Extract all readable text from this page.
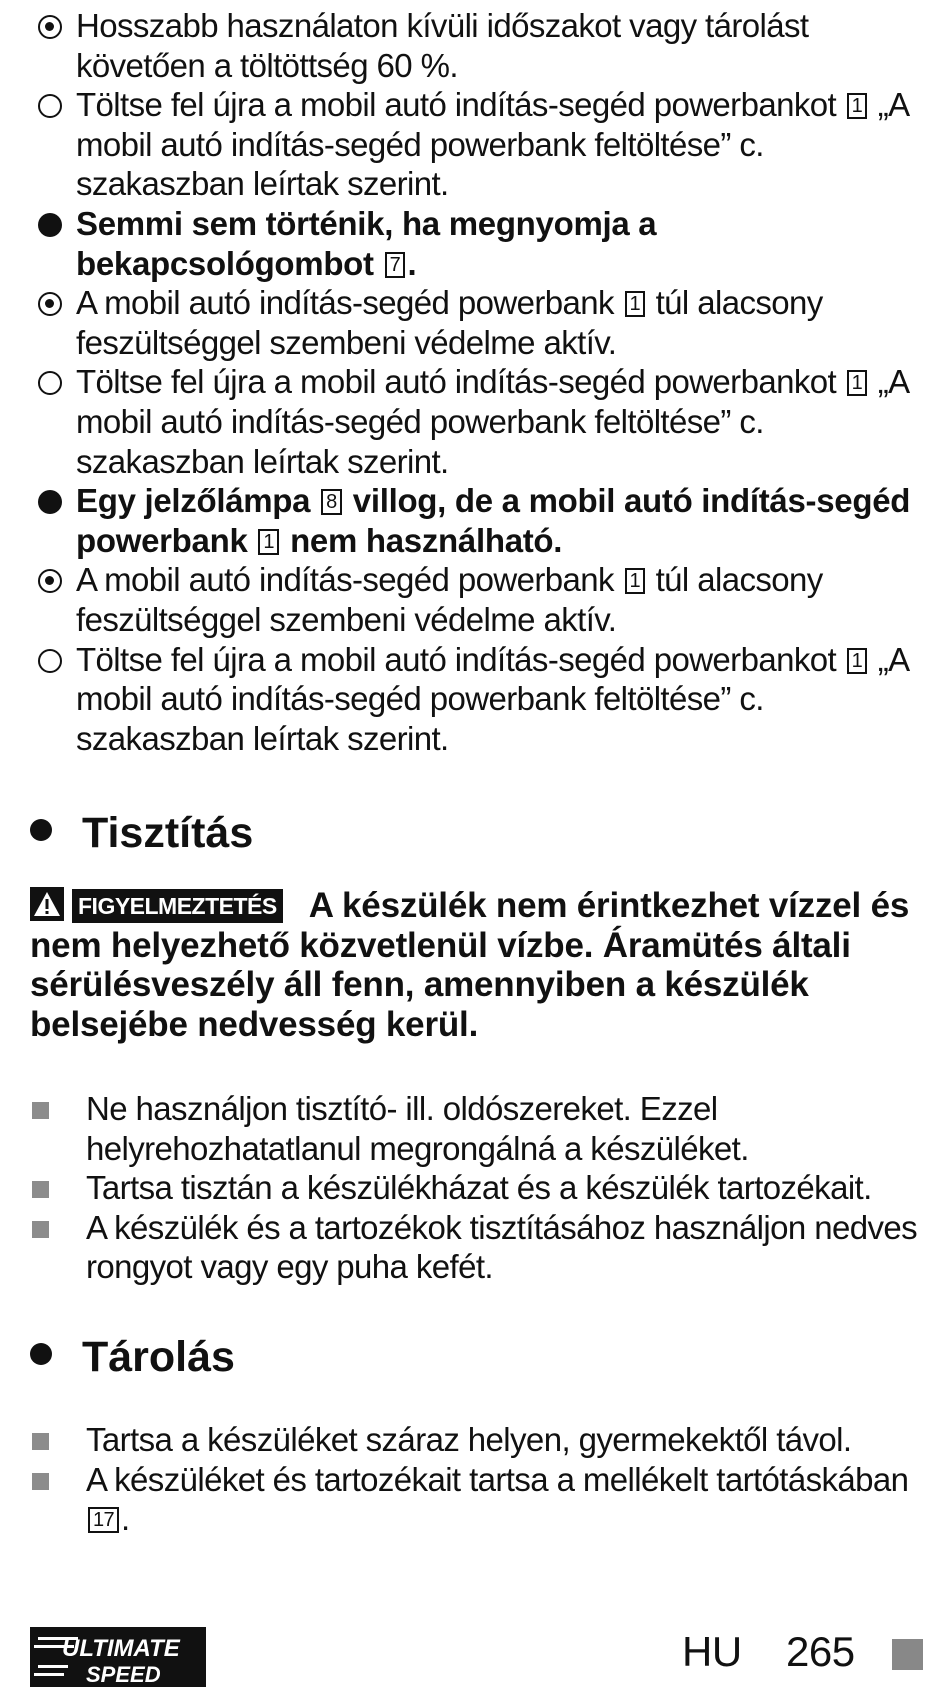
Hosszabb használaton kívüli időszakot vagy tárolást követően a töltöttség 60 %.
Töltse fel újra a mobil autó indítás-segéd powerbankot 1 „A mobil autó indítás-segéd powerbank feltöltése” c. szakaszban leírtak szerint.
Semmi sem történik, ha megnyomja a bekapcsológombot 7 .
A mobil autó indítás-segéd powerbank 1 túl alacsony feszültséggel szembeni védelme aktív.
Töltse fel újra a mobil autó indítás-segéd powerbankot 1 „A mobil autó indítás-segéd powerbank feltöltése” c. szakaszban leírtak szerint.
Egy jelzőlámpa 8 villog, de a mobil autó indítás-segéd powerbank 1 nem használható.
A mobil autó indítás-segéd powerbank 1 túl alacsony feszültséggel szembeni védelme aktív.
Töltse fel újra a mobil autó indítás-segéd powerbankot 1 „A mobil autó indítás-segéd powerbank feltöltése” c. szakaszban leírtak szerint.
Tisztítás
FIGYELMEZTETÉS A készülék nem érintkezhet vízzel és nem helyezhető közvetlenül vízbe. Áramütés általi sérülésveszély áll fenn, amennyiben a készülék belsejébe nedvesség kerül.
Ne használjon tisztító- ill. oldószereket. Ezzel helyrehozhatatlanul megrongálná a készüléket.
Tartsa tisztán a készülékházat és a készülék tartozékait.
A készülék és a tartozékok tisztításához használjon nedves rongyot vagy egy puha kefét.
Tárolás
Tartsa a készüléket száraz helyen, gyermekektől távol.
A készüléket és tartozékait tartsa a mellékelt tartótáskában 17 .
ULTIMATE
SPEED	HU 265
